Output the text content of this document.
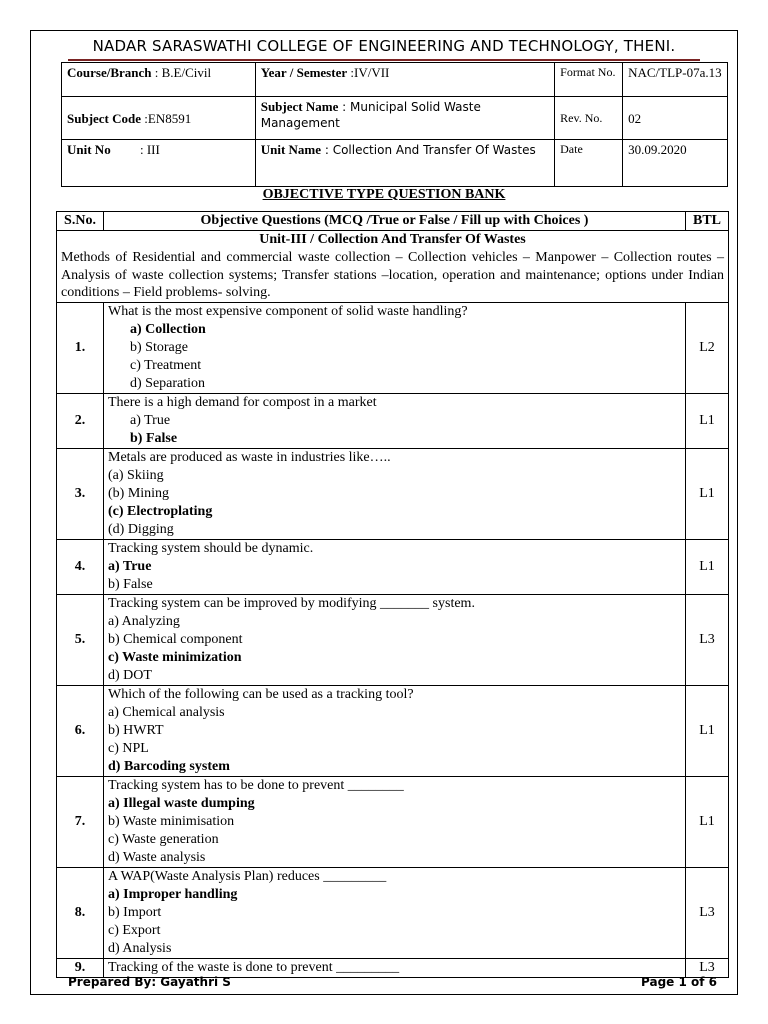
NADAR SARASWATHI COLLEGE OF ENGINEERING AND TECHNOLOGY, THENI.
Course/Branch : B.E/Civil	Year / Semester :IV/VII	Format No.	NAC/TLP-07a.13
Subject Code :EN8591	Subject Name : Municipal Solid Waste Management	Rev. No.	02
Unit No         : III	Unit Name : Collection And Transfer Of Wastes	Date	30.09.2020
OBJECTIVE TYPE QUESTION BANK
S.No.	Objective Questions (MCQ /True or False / Fill up with Choices )	BTL

Unit-III / Collection And Transfer Of Wastes
Methods of Residential and commercial waste collection – Collection vehicles – Manpower – Collection routes – Analysis of waste collection systems; Transfer stations –location, operation and maintenance; options under Indian conditions – Field problems- solving.		

1.	What is the most expensive component of solid waste handling?
a) Collection
b) Storage
c) Treatment
d) Separation	L2
2.	There is a high demand for compost in a market
a) True
b) False	L1
3.	Metals are produced as waste in industries like…..
(a) Skiing
(b) Mining
(c) Electroplating
(d) Digging	L1
4.	Tracking system should be dynamic.
a) True
b) False	L1
5.	Tracking system can be improved by modifying _______ system.
a) Analyzing
b) Chemical component
c) Waste minimization
d) DOT	L3
6.	Which of the following can be used as a tracking tool?
a) Chemical analysis
b) HWRT
c) NPL
d) Barcoding system	L1
7.	Tracking system has to be done to prevent ________
a) Illegal waste dumping
b) Waste minimisation
c) Waste generation
d) Waste analysis	L1
8.	A WAP(Waste Analysis Plan) reduces _________
a) Improper handling
b) Import
c) Export
d) Analysis	L3
9.	Tracking of the waste is done to prevent _________	L3
Prepared By: Gayathri S	Page 1 of 6
